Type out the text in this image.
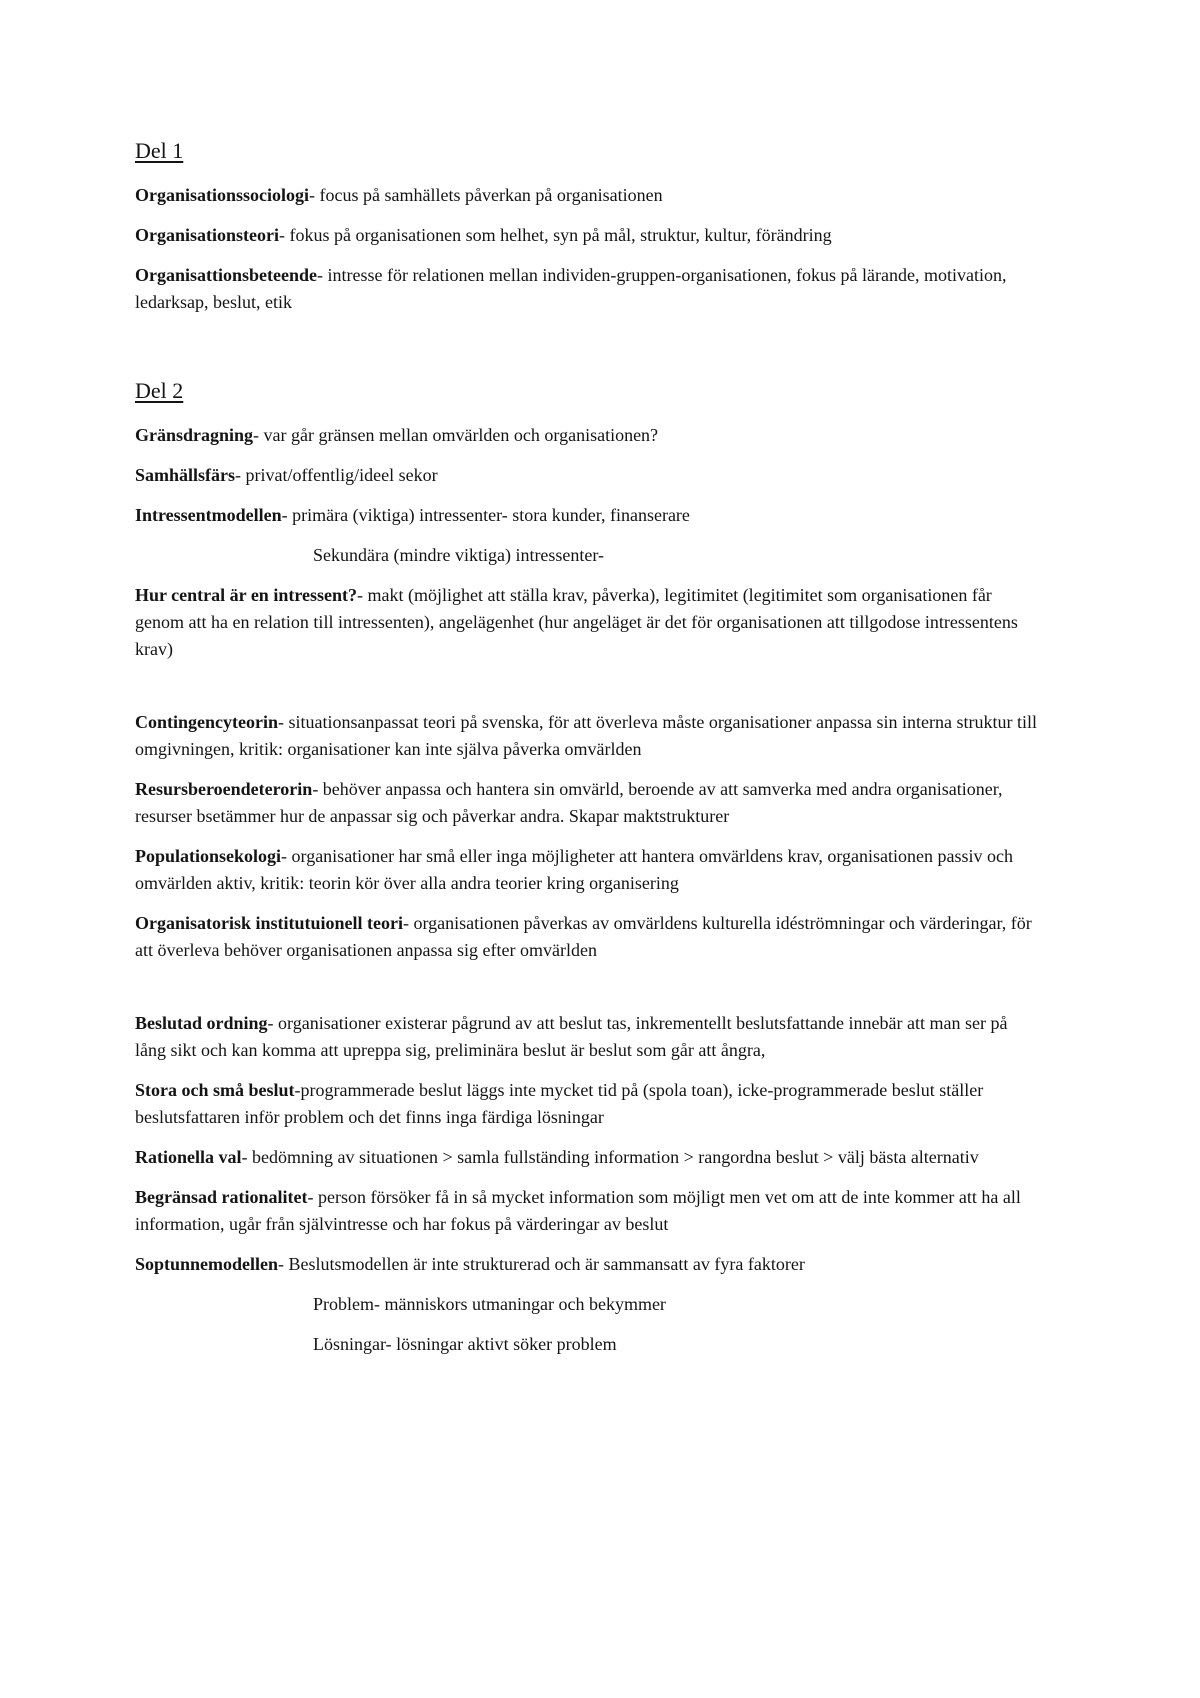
Del 1

Organisationssociologi- focus på samhällets påverkan på organisationen

Organisationsteori- fokus på organisationen som helhet, syn på mål, struktur, kultur, förändring

Organisattionsbeteende- intresse för relationen mellan individen-gruppen-organisationen, fokus på lärande, motivation, ledarksap, beslut, etik

Del 2

Gränsdragning- var går gränsen mellan omvärlden och organisationen?

Samhällsfärs- privat/offentlig/ideel sekor

Intressentmodellen- primära (viktiga) intressenter- stora kunder, finanserare

Sekundära (mindre viktiga) intressenter-

Hur central är en intressent?- makt (möjlighet att ställa krav, påverka), legitimitet (legitimitet som organisationen får genom att ha en relation till intressenten), angelägenhet (hur angeläget är det för organisationen att tillgodose intressentens krav)

Contingencyteorin- situationsanpassat teori på svenska, för att överleva måste organisationer anpassa sin interna struktur till omgivningen, kritik: organisationer kan inte själva påverka omvärlden

Resursberoendeterorin- behöver anpassa och hantera sin omvärld, beroende av att samverka med andra organisationer, resurser bsetämmer hur de anpassar sig och påverkar andra. Skapar maktstrukturer

Populationsekologi- organisationer har små eller inga möjligheter att hantera omvärldens krav, organisationen passiv och omvärlden aktiv, kritik: teorin kör över alla andra teorier kring organisering

Organisatorisk institutuionell teori- organisationen påverkas av omvärldens kulturella idéströmningar och värderingar, för att överleva behöver organisationen anpassa sig efter omvärlden

Beslutad ordning- organisationer existerar pågrund av att beslut tas, inkrementellt beslutsfattande innebär att man ser på lång sikt och kan komma att upreppa sig, preliminära beslut är beslut som går att ångra,

Stora och små beslut-programmerade beslut läggs inte mycket tid på (spola toan), icke-programmerade beslut ställer beslutsfattaren inför problem och det finns inga färdiga lösningar

Rationella val- bedömning av situationen > samla fullständing information > rangordna beslut > välj bästa alternativ

Begränsad rationalitet- person försöker få in så mycket information som möjligt men vet om att de inte kommer att ha all information, ugår från självintresse och har fokus på värderingar av beslut

Soptunnemodellen- Beslutsmodellen är inte strukturerad och är sammansatt av fyra faktorer

Problem- människors utmaningar och bekymmer

Lösningar- lösningar aktivt söker problem
